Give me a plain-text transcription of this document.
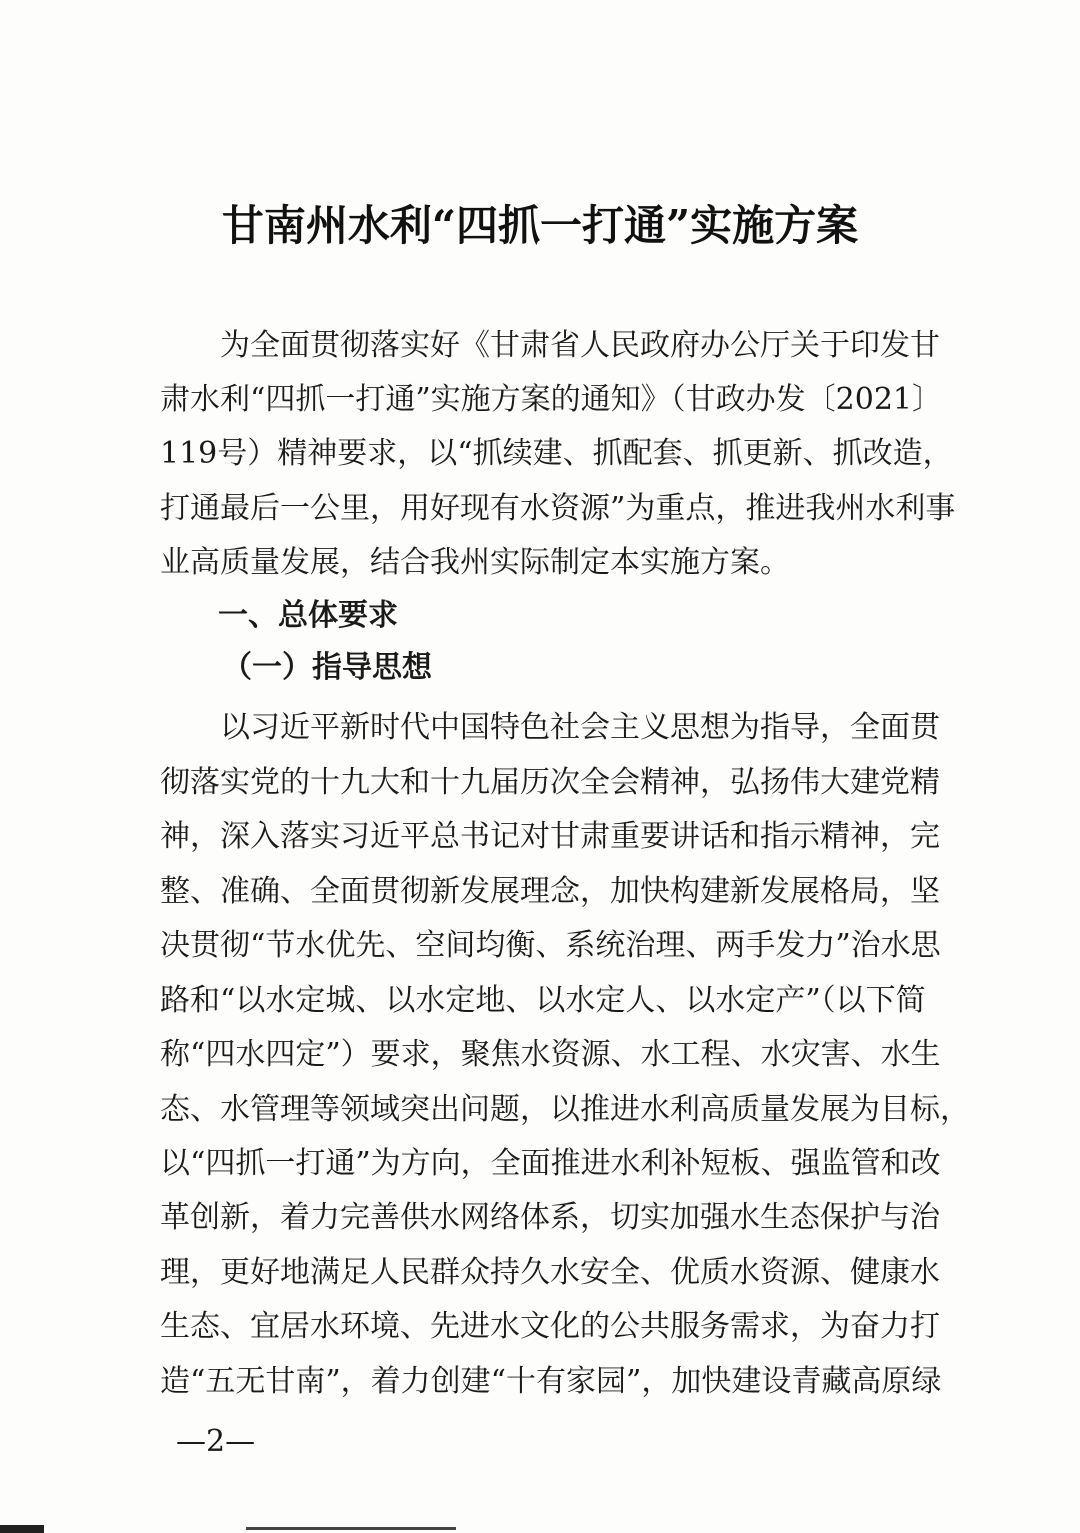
甘南州水利“四抓一打通”实施方案
为全面贯彻落实好《甘肃省人民政府办公厅关于印发甘
肃水利“四抓一打通”实施方案的通知》（甘政办发〔2021〕
119号）精神要求，以“抓续建、抓配套、抓更新、抓改造，
打通最后一公里，用好现有水资源”为重点，推进我州水利事
业高质量发展，结合我州实际制定本实施方案。
一、总体要求
（一）指导思想
以习近平新时代中国特色社会主义思想为指导，全面贯
彻落实党的十九大和十九届历次全会精神，弘扬伟大建党精
神，深入落实习近平总书记对甘肃重要讲话和指示精神，完
整、准确、全面贯彻新发展理念，加快构建新发展格局，坚
决贯彻“节水优先、空间均衡、系统治理、两手发力”治水思
路和“以水定城、以水定地、以水定人、以水定产”（以下简
称“四水四定”）要求，聚焦水资源、水工程、水灾害、水生
态、水管理等领域突出问题，以推进水利高质量发展为目标，
以“四抓一打通”为方向，全面推进水利补短板、强监管和改
革创新，着力完善供水网络体系，切实加强水生态保护与治
理，更好地满足人民群众持久水安全、优质水资源、健康水
生态、宜居水环境、先进水文化的公共服务需求，为奋力打
造“五无甘南”，着力创建“十有家园”，加快建设青藏高原绿
—2—
